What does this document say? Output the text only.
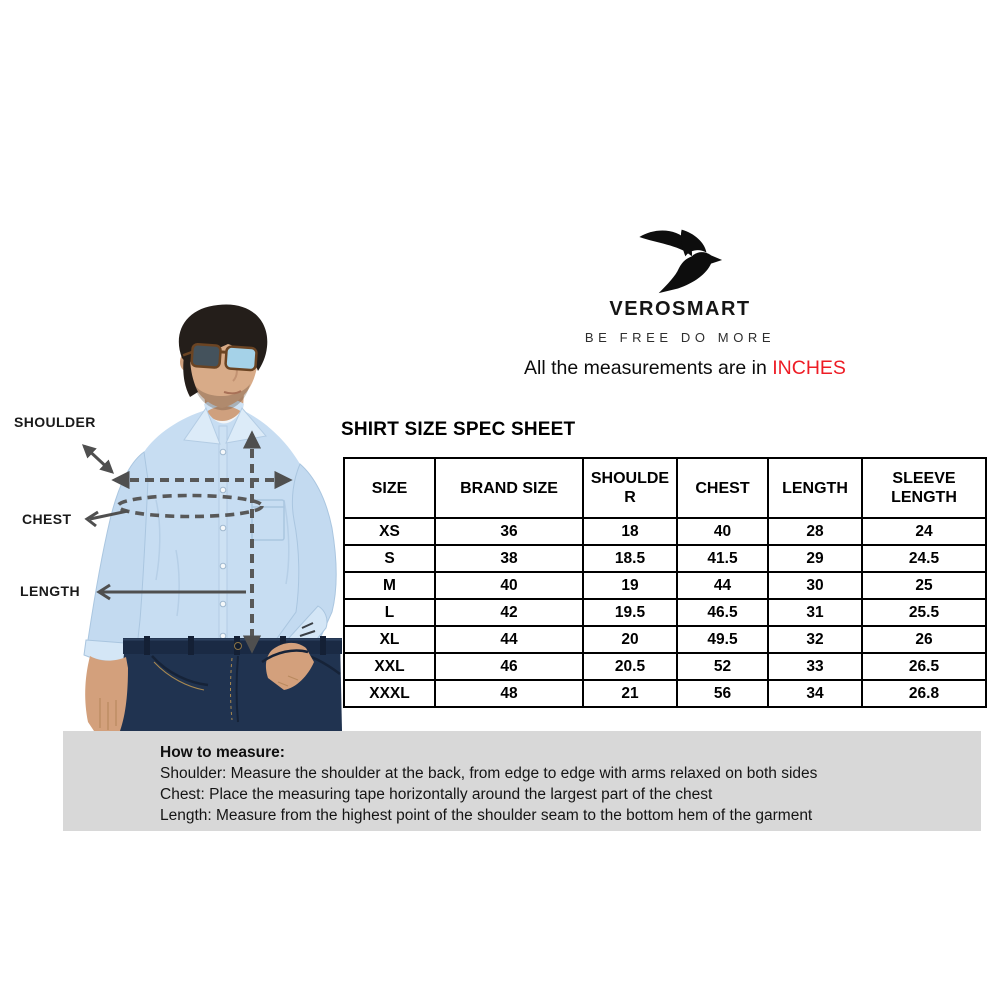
SHOULDER
CHEST
LENGTH
VEROSMART
BE FREE DO MORE
All the measurements are in INCHES
SHIRT SIZE SPEC SHEET
SIZE	BRAND SIZE	SHOULDER	CHEST	LENGTH	SLEEVE LENGTH
XS	36	18	40	28	24
S	38	18.5	41.5	29	24.5
M	40	19	44	30	25
L	42	19.5	46.5	31	25.5
XL	44	20	49.5	32	26
XXL	46	20.5	52	33	26.5
XXXL	48	21	56	34	26.8
How to measure:
Shoulder: Measure the shoulder at the back, from edge to edge with arms relaxed on both sides
Chest: Place the measuring tape horizontally around the largest part of the chest
Length: Measure from the highest point of the shoulder seam to the bottom hem of the garment
